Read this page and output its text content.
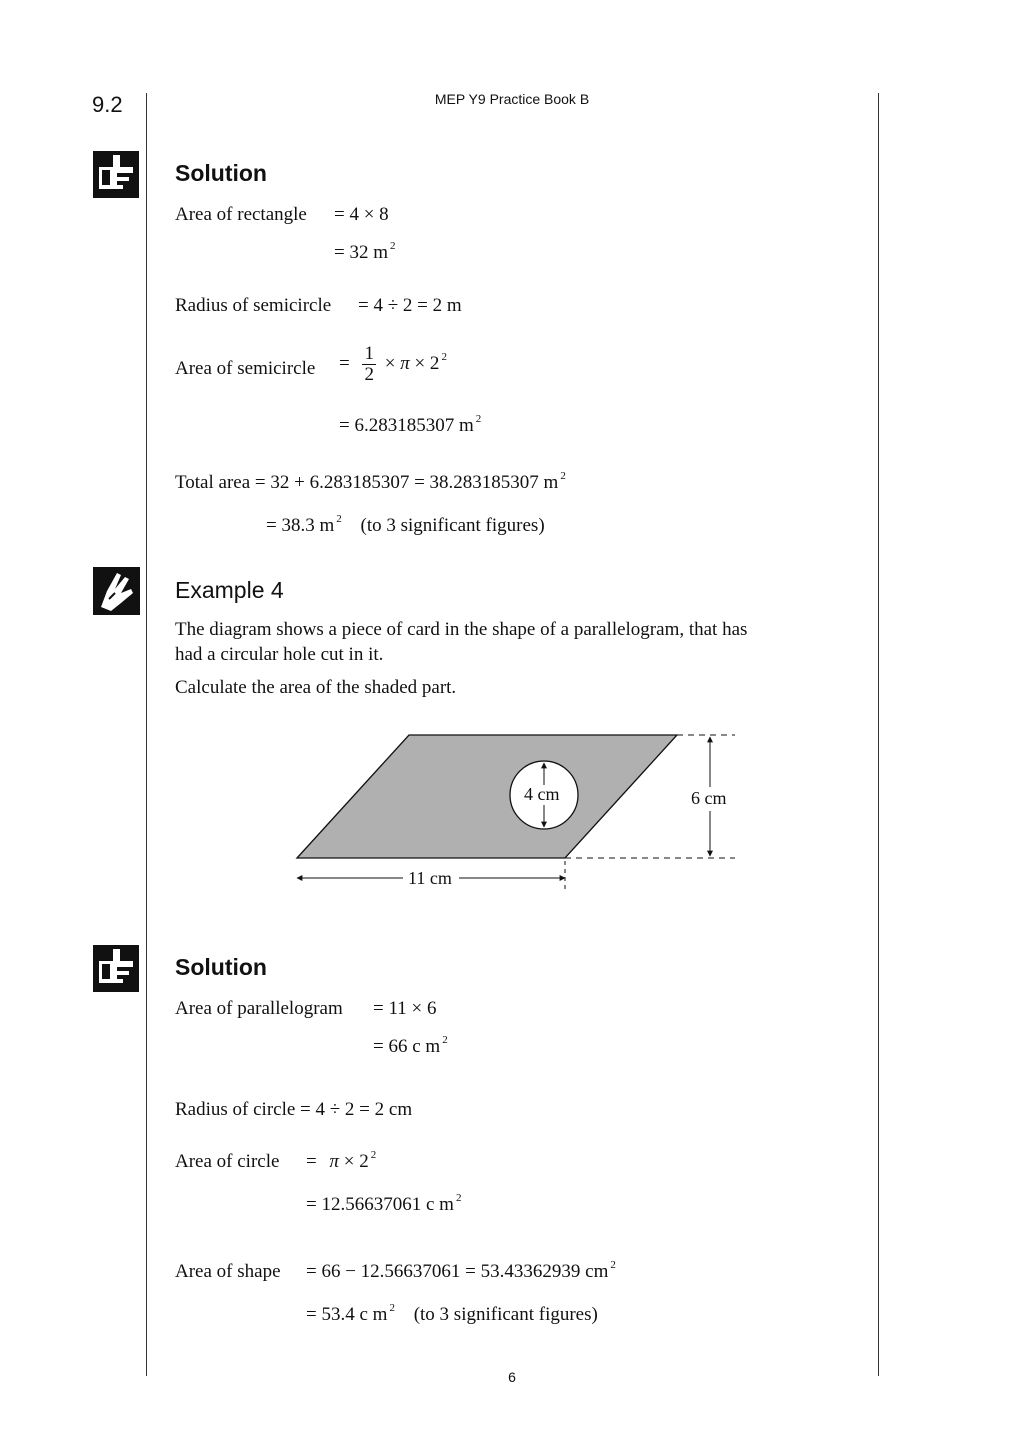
9.2	MEP Y9 Practice Book B
6
Solution
Area of rectangle = 4 × 8
= 32 m $^2$
Radius of semicircle = 4 ÷ 2 = 2 m
Area of semicircle = $\frac{1}{2} \times \pi \times 2$ $^2$
= 6.283185307 m $^2$
Total area = 32 + 6.283185307 = 38.283185307 m $^2$
= 38.3 m $^2$ (to 3 significant figures)
Example 4
The diagram shows a piece of card in the shape of a parallelogram, that has had a circular hole cut in it.
Calculate the area of the shaded part.
4 cm	6 cm
11 cm
Solution
Area of parallelogram = 11 × 6
= 66 c m $^2$
Radius of circle = 4 ÷ 2 = 2 cm
Area of circle = π × 2 $^2$
= 12.56637061 c m $^2$
Area of shape = 66 − 12.56637061 = 53.43362939 cm $^2$
= 53.4 c m $^2$ (to 3 significant figures)
